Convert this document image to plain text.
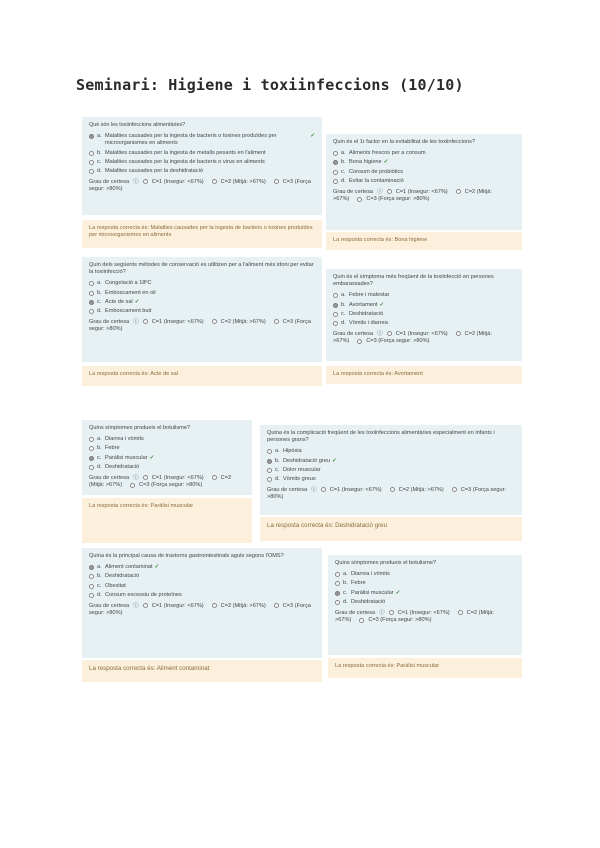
Seminari: Higiene i toxiinfeccions (10/10)
Què són les toxiinfeccions alimentàries?
a. Malalties causades per la ingesta de bacteris o toxines produïdes per microorganismes en aliments
✓
b. Malalties causades per la ingesta de metalls pesants en l'aliment
c. Malalties causades per la ingesta de bacteris o virus en aliments
d. Malalties causades per la deshidratació
Grau de certesa ⓘ C=1 (Insegur: <67%)	C=2 (Mitjà: >67%)	C=3 (Força segur: >80%)
La resposta correcta és: Malalties causades per la ingesta de bacteris o toxines produïdes per microorganismes en aliments
Quin és el 1r factor en la evitabilitat de les toxiinfeccions?
a. Aliments frescos per a consum
b. Bona higiene ✓
c. Consum de probiòtics
d. Evitar la contaminació
Grau de certesa ⓘ C=1 (Insegur: <67%)	C=2 (Mitjà: >67%)	C=3 (Força segur: >80%)
La resposta correcta és: Bona higiene
Quin dels següents mètodes de conservació es utilitzen per a l'aliment més idoni per evitar la toxiinfecció?
a. Congelació a 18ºC
b. Emboscament en oli
c. Acte de sal ✓
d. Emboscament buit
Grau de certesa ⓘ C=1 (Insegur: <67%)	C=2 (Mitjà: >67%)	C=3 (Força segur: >80%)
La resposta correcta és: Acte de sal
Quin és el símptoma més freqüent de la toxiinfecció en persones embarassades?
a. Febre i malestar
b. Avortament ✓
c. Deshidratació
d. Vòmits i diarrea
Grau de certesa ⓘ C=1 (Insegur: <67%)	C=2 (Mitjà: >67%)	C=3 (Força segur: >80%)
La resposta correcta és: Avortament
Quins símptomes produeix el botulisme?
a. Diarrea i vòmits
b. Febre
c. Paràlisi muscular ✓
d. Deshidratació
Grau de certesa ⓘ C=1 (Insegur: <67%)	C=2 (Mitjà: >67%)	C=3 (Força segur: >80%)
La resposta correcta és: Paràlisi muscular
Quina és la complicació freqüent de les toxiinfeccions alimentàries especialment en infants i persones grans?
a. Hipòxia
b. Deshidratació greu ✓
c. Dolor muscular
d. Vòmits greus
Grau de certesa ⓘ C=1 (Insegur: <67%)	C=2 (Mitjà: >67%)	C=3 (Força segur: >80%)
La resposta correcta és: Deshidratació greu
Quina és la principal causa de trastorns gastrointestinals aguts segons l'OMS?
a. Aliment contaminat ✓
b. Deshidratació
c. Obesitat
d. Consum excessiu de proteïnes
Grau de certesa ⓘ C=1 (Insegur: <67%)	C=2 (Mitjà: >67%)	C=3 (Força segur: >80%)
La resposta correcta és: Aliment contaminat
Quins símptomes produeix el botulisme?
a. Diarrea i vòmits
b. Febre
c. Paràlisi muscular ✓
d. Deshidratació
Grau de certesa ⓘ C=1 (Insegur: <67%)	C=2 (Mitjà: >67%)	C=3 (Força segur: >80%)
La resposta correcta és: Paràlisi muscular
